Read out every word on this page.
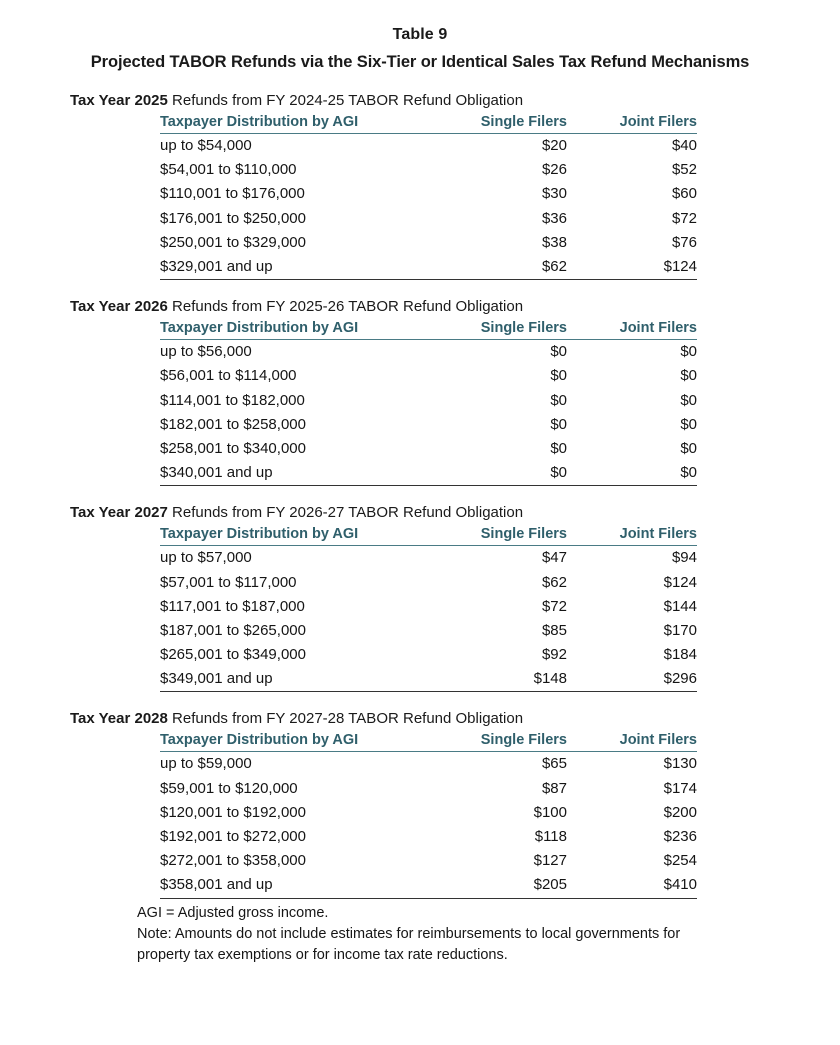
Table 9
Projected TABOR Refunds via the Six-Tier or Identical Sales Tax Refund Mechanisms
Tax Year 2025 Refunds from FY 2024-25 TABOR Refund Obligation
Taxpayer Distribution by AGI	Single Filers	Joint Filers
up to $54,000	$20	$40
$54,001 to $110,000	$26	$52
$110,001 to $176,000	$30	$60
$176,001 to $250,000	$36	$72
$250,001 to $329,000	$38	$76
$329,001 and up	$62	$124
Tax Year 2026 Refunds from FY 2025-26 TABOR Refund Obligation
Taxpayer Distribution by AGI	Single Filers	Joint Filers
up to $56,000	$0	$0
$56,001 to $114,000	$0	$0
$114,001 to $182,000	$0	$0
$182,001 to $258,000	$0	$0
$258,001 to $340,000	$0	$0
$340,001 and up	$0	$0
Tax Year 2027 Refunds from FY 2026-27 TABOR Refund Obligation
Taxpayer Distribution by AGI	Single Filers	Joint Filers
up to $57,000	$47	$94
$57,001 to $117,000	$62	$124
$117,001 to $187,000	$72	$144
$187,001 to $265,000	$85	$170
$265,001 to $349,000	$92	$184
$349,001 and up	$148	$296
Tax Year 2028 Refunds from FY 2027-28 TABOR Refund Obligation
Taxpayer Distribution by AGI	Single Filers	Joint Filers
up to $59,000	$65	$130
$59,001 to $120,000	$87	$174
$120,001 to $192,000	$100	$200
$192,001 to $272,000	$118	$236
$272,001 to $358,000	$127	$254
$358,001 and up	$205	$410
AGI = Adjusted gross income.
Note: Amounts do not include estimates for reimbursements to local governments for property tax exemptions or for income tax rate reductions.
